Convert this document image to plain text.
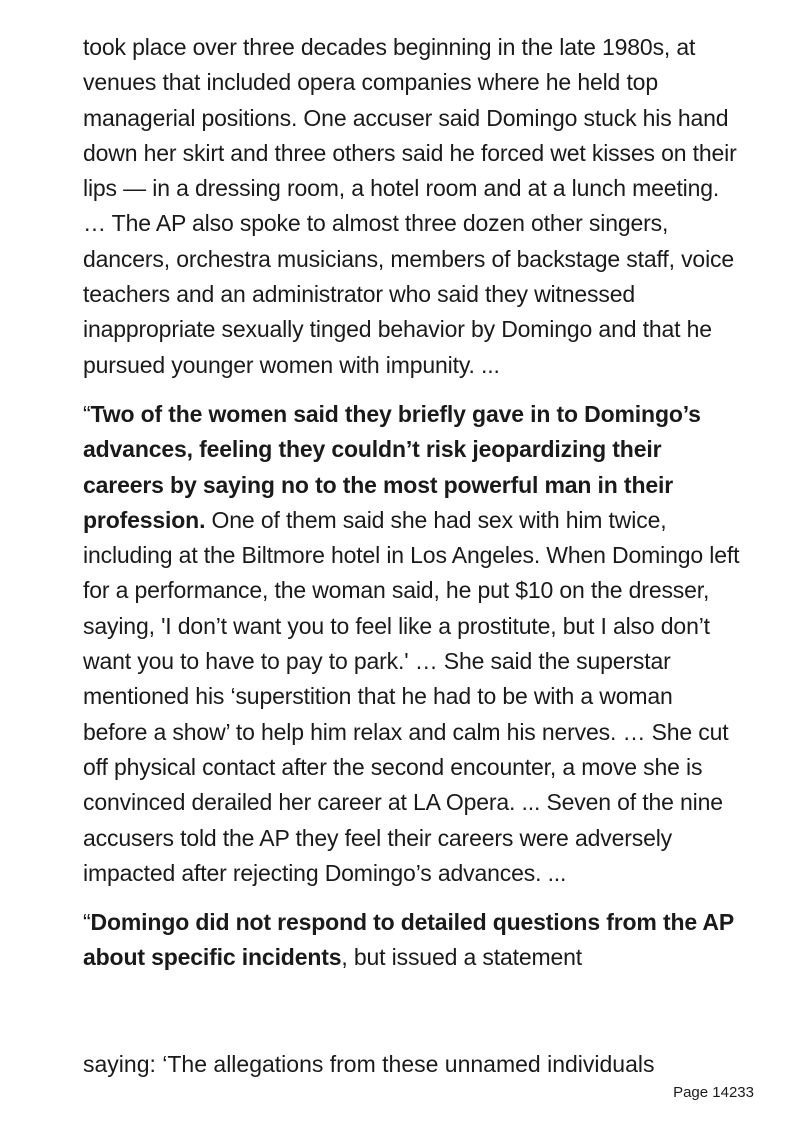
took place over three decades beginning in the late 1980s, at venues that included opera companies where he held top managerial positions. One accuser said Domingo stuck his hand down her skirt and three others said he forced wet kisses on their lips — in a dressing room, a hotel room and at a lunch meeting. … The AP also spoke to almost three dozen other singers, dancers, orchestra musicians, members of backstage staff, voice teachers and an administrator who said they witnessed inappropriate sexually tinged behavior by Domingo and that he pursued younger women with impunity. ...

“Two of the women said they briefly gave in to Domingo’s advances, feeling they couldn’t risk jeopardizing their careers by saying no to the most powerful man in their profession. One of them said she had sex with him twice, including at the Biltmore hotel in Los Angeles. When Domingo left for a performance, the woman said, he put $10 on the dresser, saying, 'I don’t want you to feel like a prostitute, but I also don’t want you to have to pay to park.' … She said the superstar mentioned his ‘superstition that he had to be with a woman before a show’ to help him relax and calm his nerves. … She cut off physical contact after the second encounter, a move she is convinced derailed her career at LA Opera. ... Seven of the nine accusers told the AP they feel their careers were adversely impacted after rejecting Domingo’s advances. ...

“Domingo did not respond to detailed questions from the AP about specific incidents, but issued a statement

saying: ‘The allegations from these unnamed individuals
Page 14233
